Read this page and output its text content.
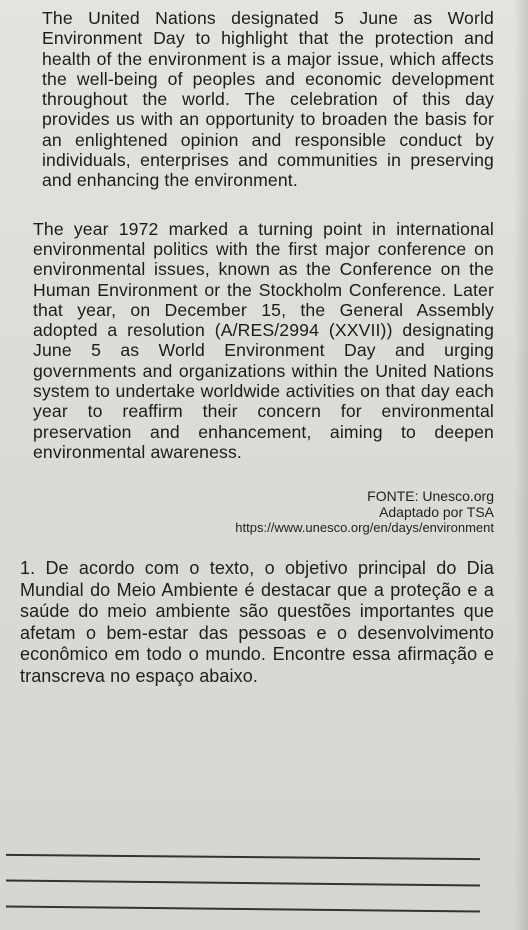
The United Nations designated 5 June as World Environment Day to highlight that the protection and health of the environment is a major issue, which affects the well-being of peoples and economic development throughout the world. The celebration of this day provides us with an opportunity to broaden the basis for an enlightened opinion and responsible conduct by individuals, enterprises and communities in preserving and enhancing the environment.

The year 1972 marked a turning point in international environmental politics with the first major conference on environmental issues, known as the Conference on the Human Environment or the Stockholm Conference. Later that year, on December 15, the General Assembly adopted a resolution (A/RES/2994 (XXVII)) designating June 5 as World Environment Day and urging governments and organizations within the United Nations system to undertake worldwide activities on that day each year to reaffirm their concern for environmental preservation and enhancement, aiming to deepen environmental awareness.

FONTE: Unesco.org
Adaptado por TSA
https://www.unesco.org/en/days/environment
1. De acordo com o texto, o objetivo principal do Dia Mundial do Meio Ambiente é destacar que a proteção e a saúde do meio ambiente são questões importantes que afetam o bem-estar das pessoas e o desenvolvimento econômico em todo o mundo. Encontre essa afirmação e transcreva no espaço abaixo.
